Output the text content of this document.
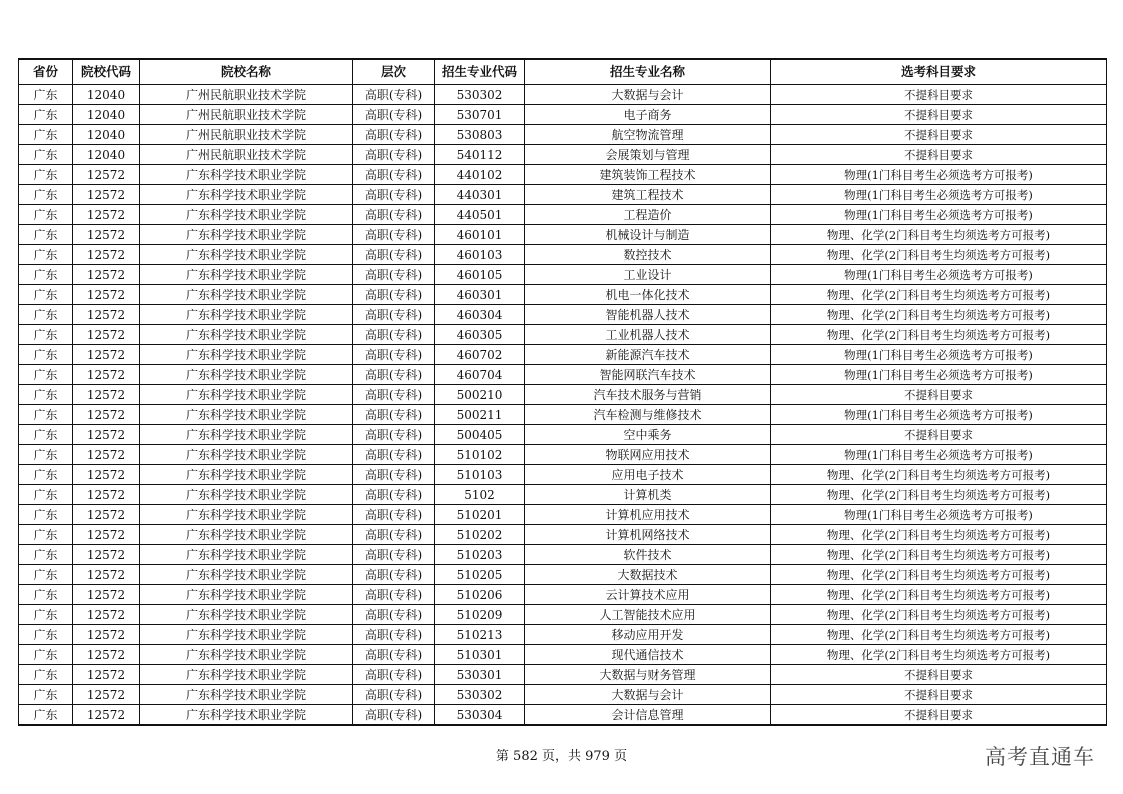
省份	院校代码	院校名称	层次	招生专业代码	招生专业名称	选考科目要求
广东	12040	广州民航职业技术学院	高职(专科)	530302	大数据与会计	不提科目要求
广东	12040	广州民航职业技术学院	高职(专科)	530701	电子商务	不提科目要求
广东	12040	广州民航职业技术学院	高职(专科)	530803	航空物流管理	不提科目要求
广东	12040	广州民航职业技术学院	高职(专科)	540112	会展策划与管理	不提科目要求
广东	12572	广东科学技术职业学院	高职(专科)	440102	建筑装饰工程技术	物理(1门科目考生必须选考方可报考)
广东	12572	广东科学技术职业学院	高职(专科)	440301	建筑工程技术	物理(1门科目考生必须选考方可报考)
广东	12572	广东科学技术职业学院	高职(专科)	440501	工程造价	物理(1门科目考生必须选考方可报考)
广东	12572	广东科学技术职业学院	高职(专科)	460101	机械设计与制造	物理、化学(2门科目考生均须选考方可报考)
广东	12572	广东科学技术职业学院	高职(专科)	460103	数控技术	物理、化学(2门科目考生均须选考方可报考)
广东	12572	广东科学技术职业学院	高职(专科)	460105	工业设计	物理(1门科目考生必须选考方可报考)
广东	12572	广东科学技术职业学院	高职(专科)	460301	机电一体化技术	物理、化学(2门科目考生均须选考方可报考)
广东	12572	广东科学技术职业学院	高职(专科)	460304	智能机器人技术	物理、化学(2门科目考生均须选考方可报考)
广东	12572	广东科学技术职业学院	高职(专科)	460305	工业机器人技术	物理、化学(2门科目考生均须选考方可报考)
广东	12572	广东科学技术职业学院	高职(专科)	460702	新能源汽车技术	物理(1门科目考生必须选考方可报考)
广东	12572	广东科学技术职业学院	高职(专科)	460704	智能网联汽车技术	物理(1门科目考生必须选考方可报考)
广东	12572	广东科学技术职业学院	高职(专科)	500210	汽车技术服务与营销	不提科目要求
广东	12572	广东科学技术职业学院	高职(专科)	500211	汽车检测与维修技术	物理(1门科目考生必须选考方可报考)
广东	12572	广东科学技术职业学院	高职(专科)	500405	空中乘务	不提科目要求
广东	12572	广东科学技术职业学院	高职(专科)	510102	物联网应用技术	物理(1门科目考生必须选考方可报考)
广东	12572	广东科学技术职业学院	高职(专科)	510103	应用电子技术	物理、化学(2门科目考生均须选考方可报考)
广东	12572	广东科学技术职业学院	高职(专科)	5102	计算机类	物理、化学(2门科目考生均须选考方可报考)
广东	12572	广东科学技术职业学院	高职(专科)	510201	计算机应用技术	物理(1门科目考生必须选考方可报考)
广东	12572	广东科学技术职业学院	高职(专科)	510202	计算机网络技术	物理、化学(2门科目考生均须选考方可报考)
广东	12572	广东科学技术职业学院	高职(专科)	510203	软件技术	物理、化学(2门科目考生均须选考方可报考)
广东	12572	广东科学技术职业学院	高职(专科)	510205	大数据技术	物理、化学(2门科目考生均须选考方可报考)
广东	12572	广东科学技术职业学院	高职(专科)	510206	云计算技术应用	物理、化学(2门科目考生均须选考方可报考)
广东	12572	广东科学技术职业学院	高职(专科)	510209	人工智能技术应用	物理、化学(2门科目考生均须选考方可报考)
广东	12572	广东科学技术职业学院	高职(专科)	510213	移动应用开发	物理、化学(2门科目考生均须选考方可报考)
广东	12572	广东科学技术职业学院	高职(专科)	510301	现代通信技术	物理、化学(2门科目考生均须选考方可报考)
广东	12572	广东科学技术职业学院	高职(专科)	530301	大数据与财务管理	不提科目要求
广东	12572	广东科学技术职业学院	高职(专科)	530302	大数据与会计	不提科目要求
广东	12572	广东科学技术职业学院	高职(专科)	530304	会计信息管理	不提科目要求
第 582 页，共 979 页	高考直通车
